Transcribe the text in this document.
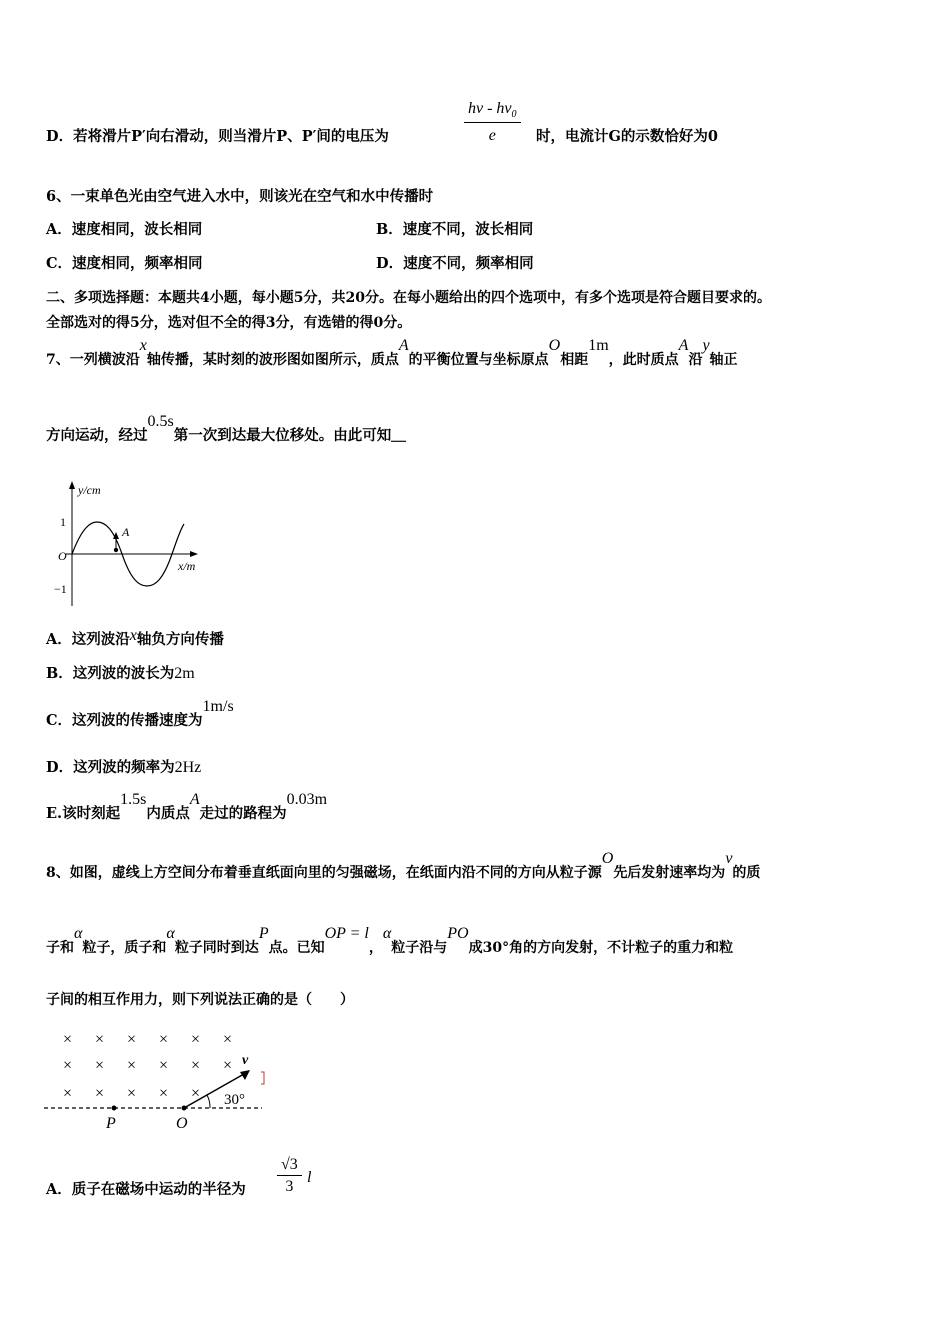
D．若将滑片P′向右滑动，则当滑片P、P′间的电压为	$\frac{h\nu - h\nu_0}{e}$ 时，电流计G的示数恰好为0
6、一束单色光由空气进入水中，则该光在空气和水中传播时
A．速度相同，波长相同	B．速度不同，波长相同
C．速度相同，频率相同	D．速度不同，频率相同
二、多项选择题：本题共4小题，每小题5分，共20分。在每小题给出的四个选项中，有多个选项是符合题目要求的。
全部选对的得5分，选对但不全的得3分，有选错的得0分。
7、一列横波沿x轴传播，某时刻的波形图如图所示，质点A的平衡位置与坐标原点O相距1m，此时质点A沿y轴正
方向运动，经过0.5s第一次到达最大位移处。由此可知＿
y/cm
x/m
1
−1
O
A
A．这列波沿x轴负方向传播
B．这列波的波长为2m
C．这列波的传播速度为1m/s
D．这列波的频率为2Hz
E.该时刻起1.5s内质点A走过的路程为0.03m
8、如图，虚线上方空间分布着垂直纸面向里的匀强磁场，在纸面内沿不同的方向从粒子源O先后发射速率均为v的质
子和α粒子，质子和α粒子同时到达P点。已知OP = l，α粒子沿与PO成30°角的方向发射，不计粒子的重力和粒
子间的相互作用力，则下列说法正确的是（　　）
× × × × × ×
× × × × × ×
× × × × ×
P	O
v
30°
A．质子在磁场中运动的半径为 $\frac{√3}{3}$ l
